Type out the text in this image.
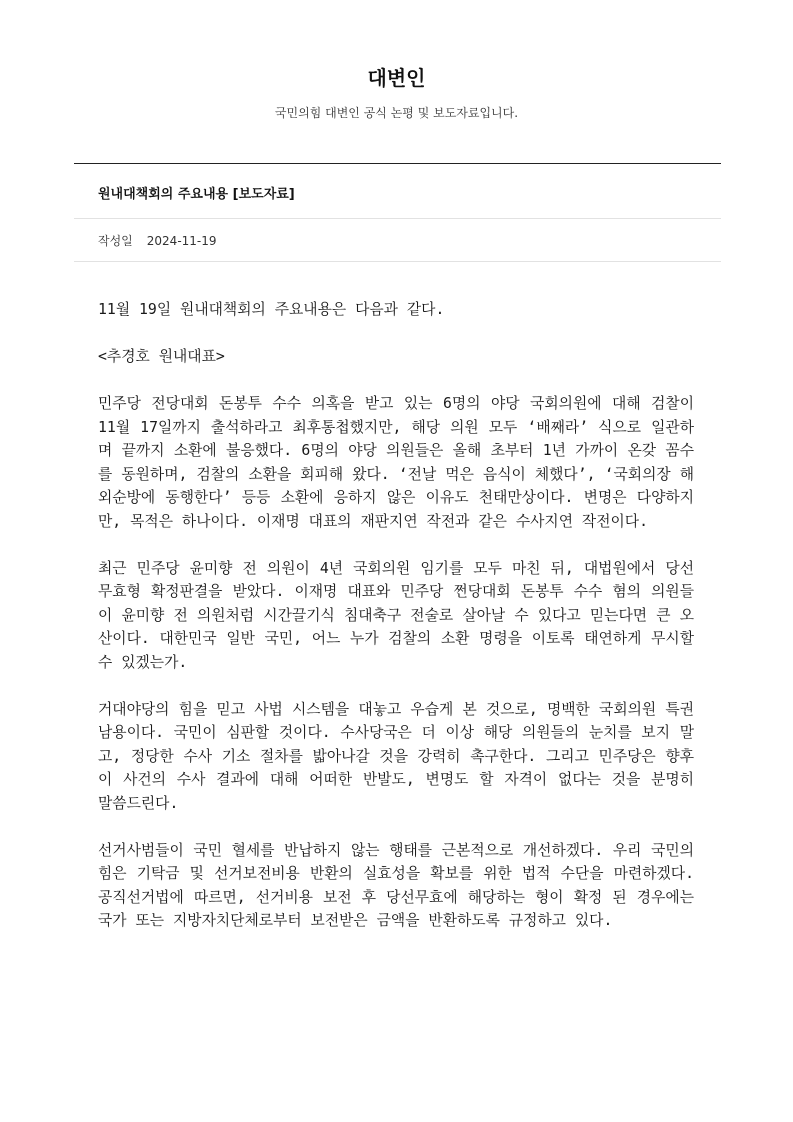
대변인
국민의힘 대변인 공식 논평 및 보도자료입니다.
원내대책회의 주요내용 [보도자료]
작성일 2024-11-19

11월 19일 원내대책회의 주요내용은 다음과 같다.

<추경호 원내대표>

민주당 전당대회 돈봉투 수수 의혹을 받고 있는 6명의 야당 국회의원에 대해 검찰이 11월 17일까지 출석하라고 최후통첩했지만, 해당 의원 모두 ‘배째라’ 식으로 일관하며 끝까지 소환에 불응했다. 6명의 야당 의원들은 올해 초부터 1년 가까이 온갖 꼼수를 동원하며, 검찰의 소환을 회피해 왔다. ‘전날 먹은 음식이 체했다’, ‘국회의장 해외순방에 동행한다’ 등등 소환에 응하지 않은 이유도 천태만상이다. 변명은 다양하지만, 목적은 하나이다. 이재명 대표의 재판지연 작전과 같은 수사지연 작전이다.

최근 민주당 윤미향 전 의원이 4년 국회의원 임기를 모두 마친 뒤, 대법원에서 당선무효형 확정판결을 받았다. 이재명 대표와 민주당 쩐당대회 돈봉투 수수 혐의 의원들이 윤미향 전 의원처럼 시간끌기식 침대축구 전술로 살아날 수 있다고 믿는다면 큰 오산이다. 대한민국 일반 국민, 어느 누가 검찰의 소환 명령을 이토록 태연하게 무시할 수 있겠는가.

거대야당의 힘을 믿고 사법 시스템을 대놓고 우습게 본 것으로, 명백한 국회의원 특권 남용이다. 국민이 심판할 것이다. 수사당국은 더 이상 해당 의원들의 눈치를 보지 말고, 정당한 수사 기소 절차를 밟아나갈 것을 강력히 촉구한다. 그리고 민주당은 향후 이 사건의 수사 결과에 대해 어떠한 반발도, 변명도 할 자격이 없다는 것을 분명히 말씀드린다.

선거사범들이 국민 혈세를 반납하지 않는 행태를 근본적으로 개선하겠다. 우리 국민의힘은 기탁금 및 선거보전비용 반환의 실효성을 확보를 위한 법적 수단을 마련하겠다. 공직선거법에 따르면, 선거비용 보전 후 당선무효에 해당하는 형이 확정 된 경우에는 국가 또는 지방자치단체로부터 보전받은 금액을 반환하도록 규정하고 있다.
